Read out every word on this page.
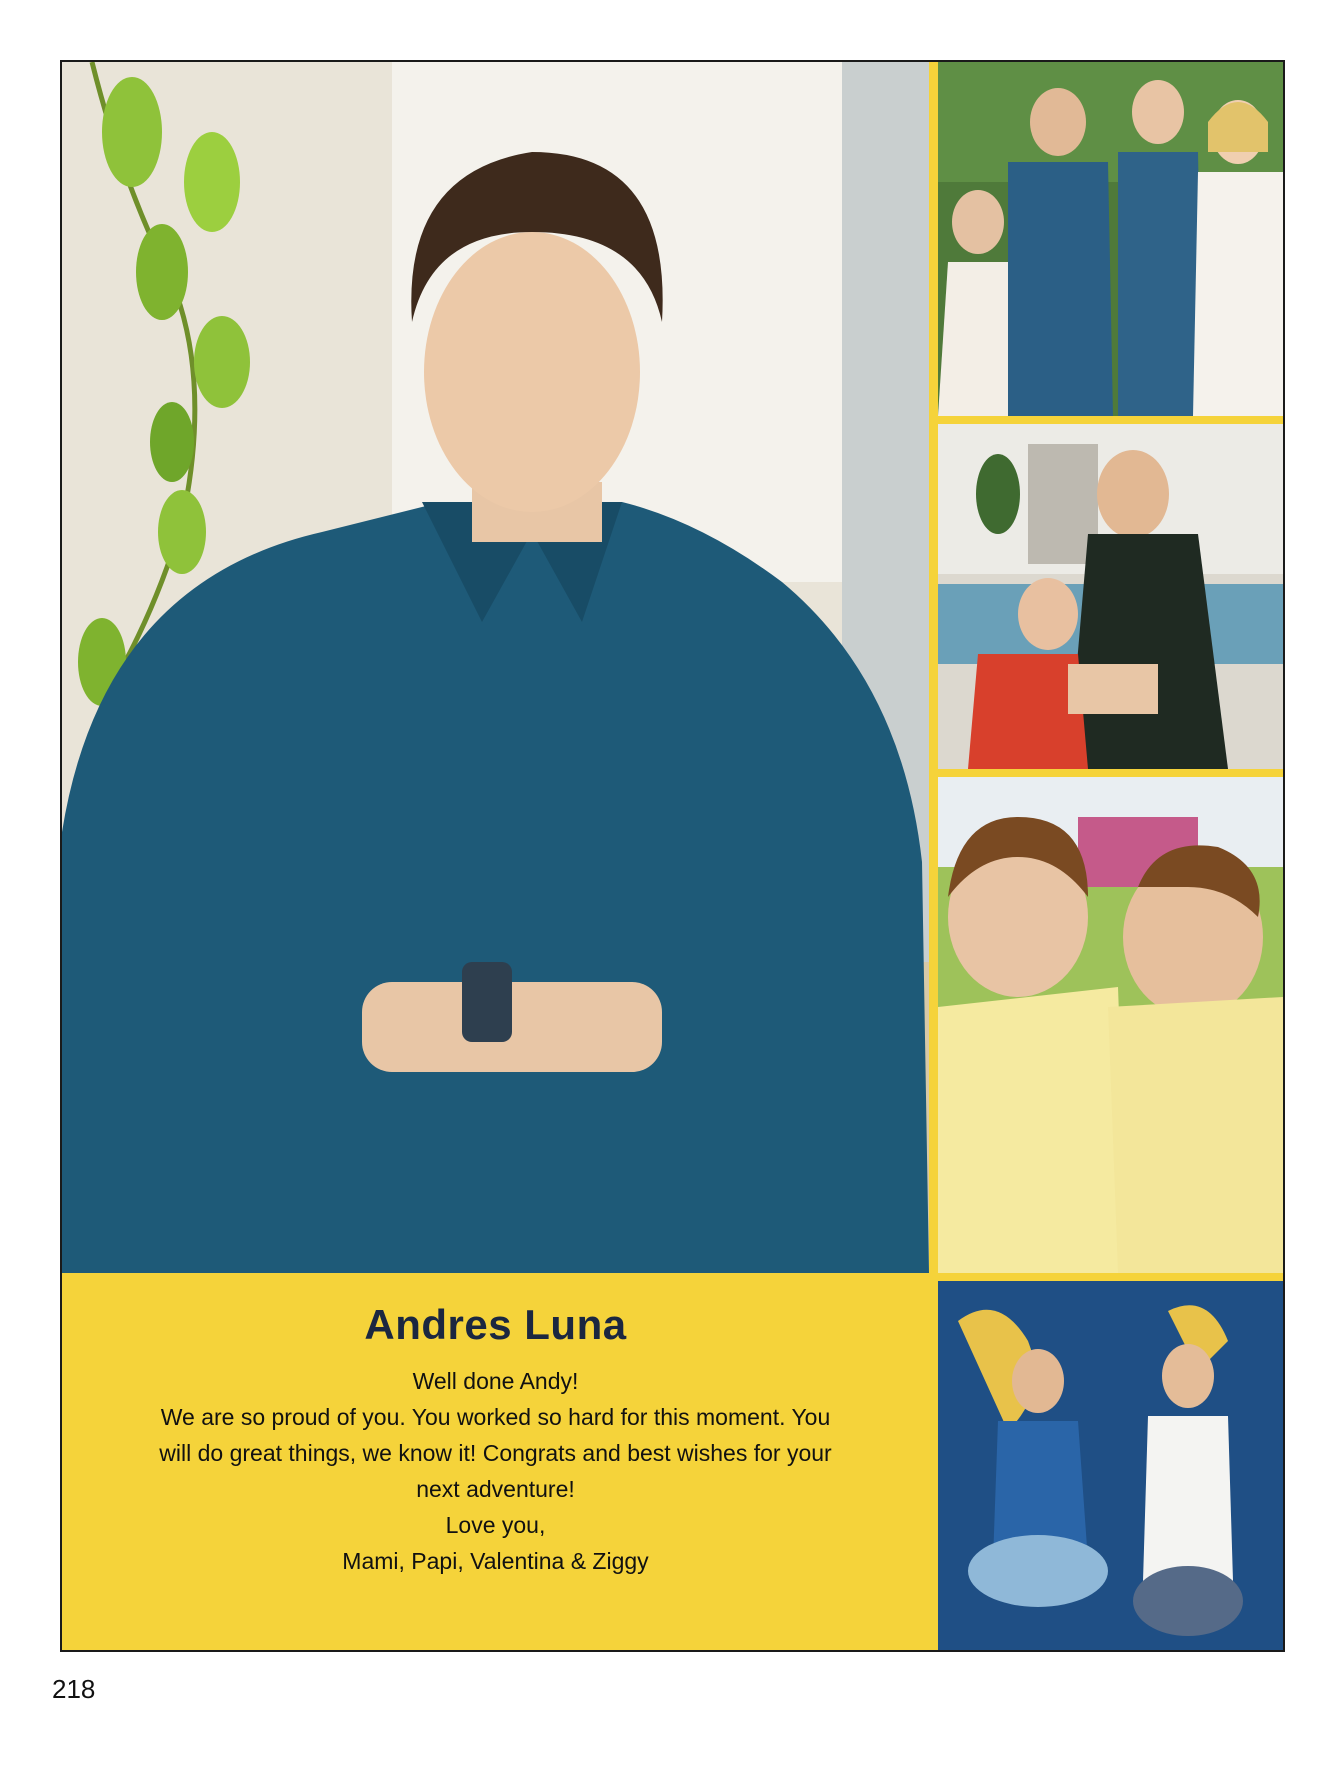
Andres Luna
Well done Andy!
We are so proud of you. You worked so hard for this moment. You
will do great things, we know it! Congrats and best wishes for your
next adventure!
Love you,
Mami, Papi, Valentina & Ziggy
218
